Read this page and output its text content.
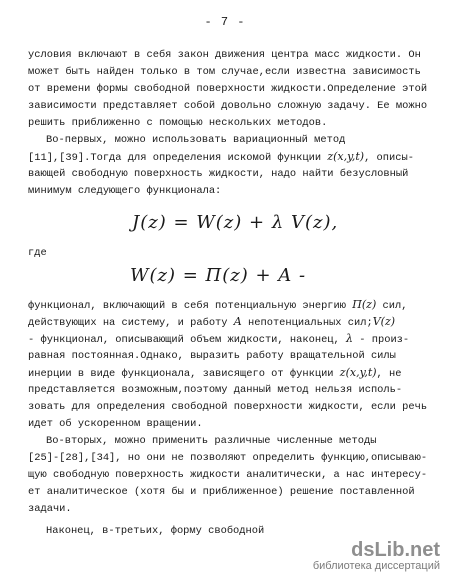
- 7 -
условия включают в себя закон движения центра масс жидкости. Он
может быть найден только в том случае,если известна зависимость
от времени формы свободной поверхности жидкости.Определение этой
зависимости представляет собой довольно сложную задачу. Ее можно
решить приближенно с помощью нескольких методов.
Во-первых, можно использовать вариационный метод
[11],[39].Тогда для определения искомой функции z(x,y,t), описы-
вающей свободную поверхность жидкости, надо найти безусловный
минимум следующего функционала:
J(z) = W(z) + λ V(z),
где
W(z) = Π(z) + A -
функционал, включающий в себя потенциальную энергию Π(z) сил,
действующих на систему, и работу A непотенциальных сил;V(z)
- функционал, описывающий объем жидкости, наконец, λ - произ-
равная постоянная.Однако, выразить работу вращательной силы
инерции в виде функционала, зависящего от функции z(x,y,t), не
представляется возможным,поэтому данный метод нельзя исполь-
зовать для определения свободной поверхности жидкости, если речь
идет об ускоренном вращении.
Во-вторых, можно применить различные численные методы
[25]-[28],[34], но они не позволяют определить функцию,описываю-
щую свободную поверхность жидкости аналитически, а нас интересу-
ет аналитическое (хотя бы и приближенное) решение поставленной
задачи.
Наконец, в-третьих, форму свободной
dsLib.net
библиотека диссертаций
